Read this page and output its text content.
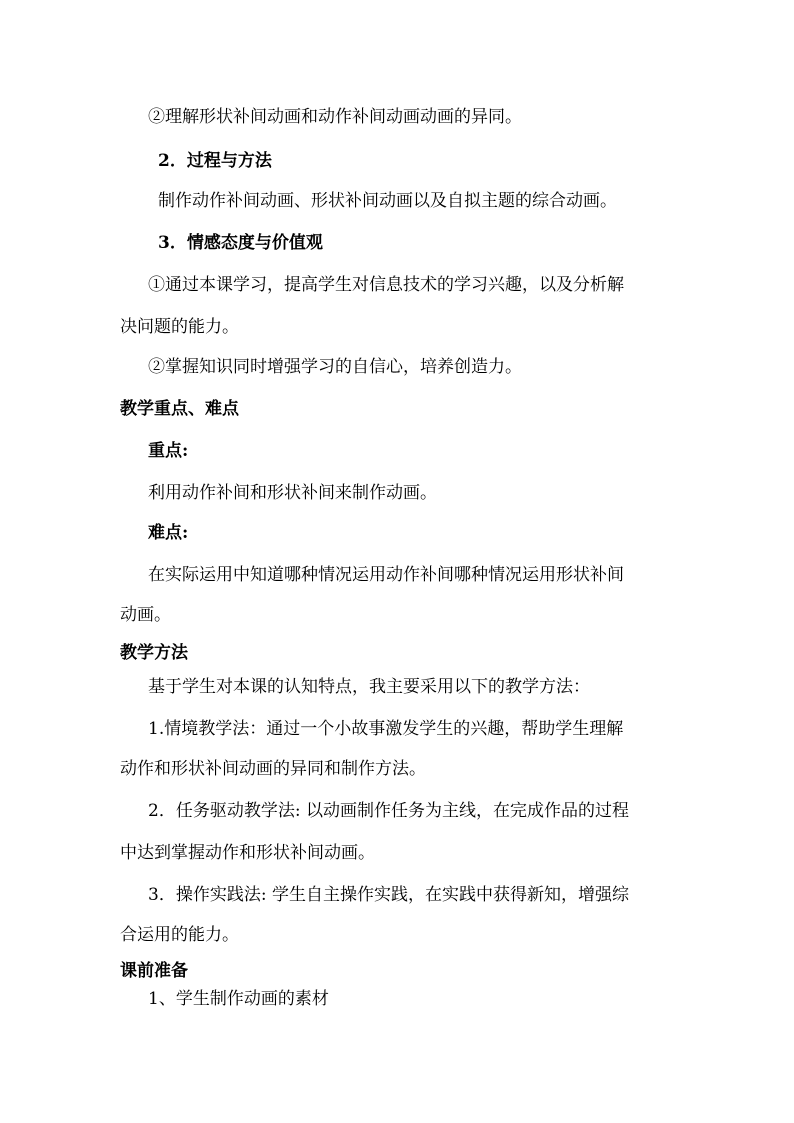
②理解形状补间动画和动作补间动画动画的异同。
2．过程与方法
制作动作补间动画、形状补间动画以及自拟主题的综合动画。
3．情感态度与价值观
①通过本课学习，提高学生对信息技术的学习兴趣，以及分析解
决问题的能力。
②掌握知识同时增强学习的自信心，培养创造力。
教学重点、难点
重点:
利用动作补间和形状补间来制作动画。
难点:
在实际运用中知道哪种情况运用动作补间哪种情况运用形状补间
动画。
教学方法
基于学生对本课的认知特点，我主要采用以下的教学方法：
1.情境教学法：通过一个小故事激发学生的兴趣，帮助学生理解
动作和形状补间动画的异同和制作方法。
2．任务驱动教学法: 以动画制作任务为主线，在完成作品的过程
中达到掌握动作和形状补间动画。
3．操作实践法: 学生自主操作实践，在实践中获得新知，增强综
合运用的能力。
课前准备
1、学生制作动画的素材
